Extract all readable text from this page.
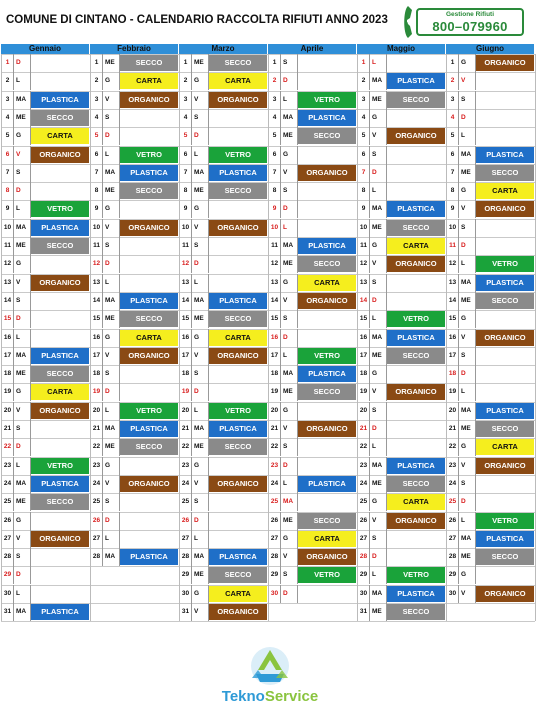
COMUNE DI CINTANO - CALENDARIO RACCOLTA RIFIUTI ANNO 2023	Gestione Rifiuti
800–079960
Gennaio
1	D
2	L
3	MA	PLASTICA
4	ME	SECCO
5	G	CARTA
6	V	ORGANICO
7	S
8	D
9	L	VETRO
10 MA	PLASTICA
11 ME	SECCO
12 G
13 V	ORGANICO
14 S
15 D
16 L
17 MA	PLASTICA
18 ME	SECCO
19 G	CARTA
20 V	ORGANICO
21 S
22 D
23 L	VETRO
24 MA	PLASTICA
25 ME	SECCO
26 G
27 V	ORGANICO
28 S
29 D
30 L
31 MA	PLASTICA
Febbraio
1	ME	SECCO
2	G	CARTA
3	V	ORGANICO
4	S
5	D
6	L	VETRO
7	MA	PLASTICA
8	ME	SECCO
9	G
10 V	ORGANICO
11 S
12 D
13 L
14 MA	PLASTICA
15 ME	SECCO
16 G	CARTA
17 V	ORGANICO
18 S
19 D
20 L	VETRO
21 MA	PLASTICA
22 ME	SECCO
23 G
24 V	ORGANICO
25 S
26 D
27 L
28 MA	PLASTICA
Marzo
1	ME	SECCO
2	G	CARTA
3	V	ORGANICO
4	S
5	D
6	L	VETRO
7	MA	PLASTICA
8	ME	SECCO
9	G
10 V	ORGANICO
11 S
12 D
13 L
14 MA	PLASTICA
15 ME	SECCO
16 G	CARTA
17 V	ORGANICO
18 S
19 D
20 L	VETRO
21 MA	PLASTICA
22 ME	SECCO
23 G
24 V	ORGANICO
25 S
26 D
27 L
28 MA	PLASTICA
29 ME	SECCO
30 G	CARTA
31 V	ORGANICO
Aprile
1	S
2	D
3	L	VETRO
4	MA	PLASTICA
5	ME	SECCO
6	G
7	V	ORGANICO
8	S
9	D
10 L
11 MA	PLASTICA
12 ME	SECCO
13 G	CARTA
14 V	ORGANICO
15 S
16 D
17 L	VETRO
18 MA	PLASTICA
19 ME	SECCO
20 G
21 V	ORGANICO
22 S
23 D
24 L	PLASTICA
25 MA
26 ME	SECCO
27 G	CARTA
28 V	ORGANICO
29 S	VETRO
30 D
Maggio
1	L
2	MA	PLASTICA
3	ME	SECCO
4	G
5	V	ORGANICO
6	S
7	D
8	L
9	MA	PLASTICA
10 ME	SECCO
11 G	CARTA
12 V	ORGANICO
13 S
14 D
15 L	VETRO
16 MA	PLASTICA
17 ME	SECCO
18 G
19 V	ORGANICO
20 S
21 D
22 L
23 MA	PLASTICA
24 ME	SECCO
25 G	CARTA
26 V	ORGANICO
27 S
28 D
29 L	VETRO
30 MA	PLASTICA
31 ME	SECCO
Giugno
1	G	ORGANICO
2	V
3	S
4	D
5	L
6	MA	PLASTICA
7	ME	SECCO
8	G	CARTA
9	V	ORGANICO
10 S
11 D
12 L	VETRO
13 MA	PLASTICA
14 ME	SECCO
15 G
16 V	ORGANICO
17 S
18 D
19 L
20 MA	PLASTICA
21 ME	SECCO
22 G	CARTA
23 V	ORGANICO
24 S
25 D
26 L	VETRO
27 MA	PLASTICA
28 ME	SECCO
29 G
30 V	ORGANICO
TeknoService
